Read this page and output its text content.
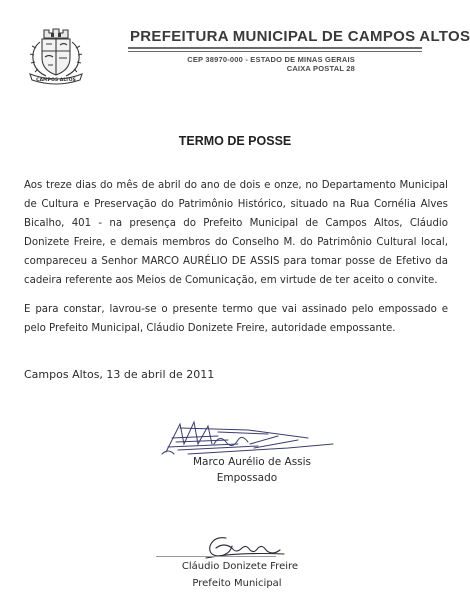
CAMPOS ALTOS
PREFEITURA MUNICIPAL DE CAMPOS ALTOS
CEP 38970-000 - ESTADO DE MINAS GERAIS
CAIXA POSTAL 28
TERMO DE POSSE

Aos treze dias do mês de abril do ano de dois e onze, no Departamento Municipal de Cultura e Preservação do Patrimônio Histórico, situado na Rua Cornélia Alves Bicalho, 401 - na presença do Prefeito Municipal de Campos Altos, Cláudio Donizete Freire, e demais membros do Conselho M. do Patrimônio Cultural local, compareceu a Senhor MARCO AURÉLIO DE ASSIS para tomar posse de Efetivo da cadeira referente aos Meios de Comunicação, em virtude de ter aceito o convite.

E para constar, lavrou-se o presente termo que vai assinado pelo empossado e pelo Prefeito Municipal, Cláudio Donizete Freire, autoridade empossante.

Campos Altos, 13 de abril de 2011
Marco Aurélio de Assis
Empossado
Cláudio Donizete Freire
Prefeito Municipal
